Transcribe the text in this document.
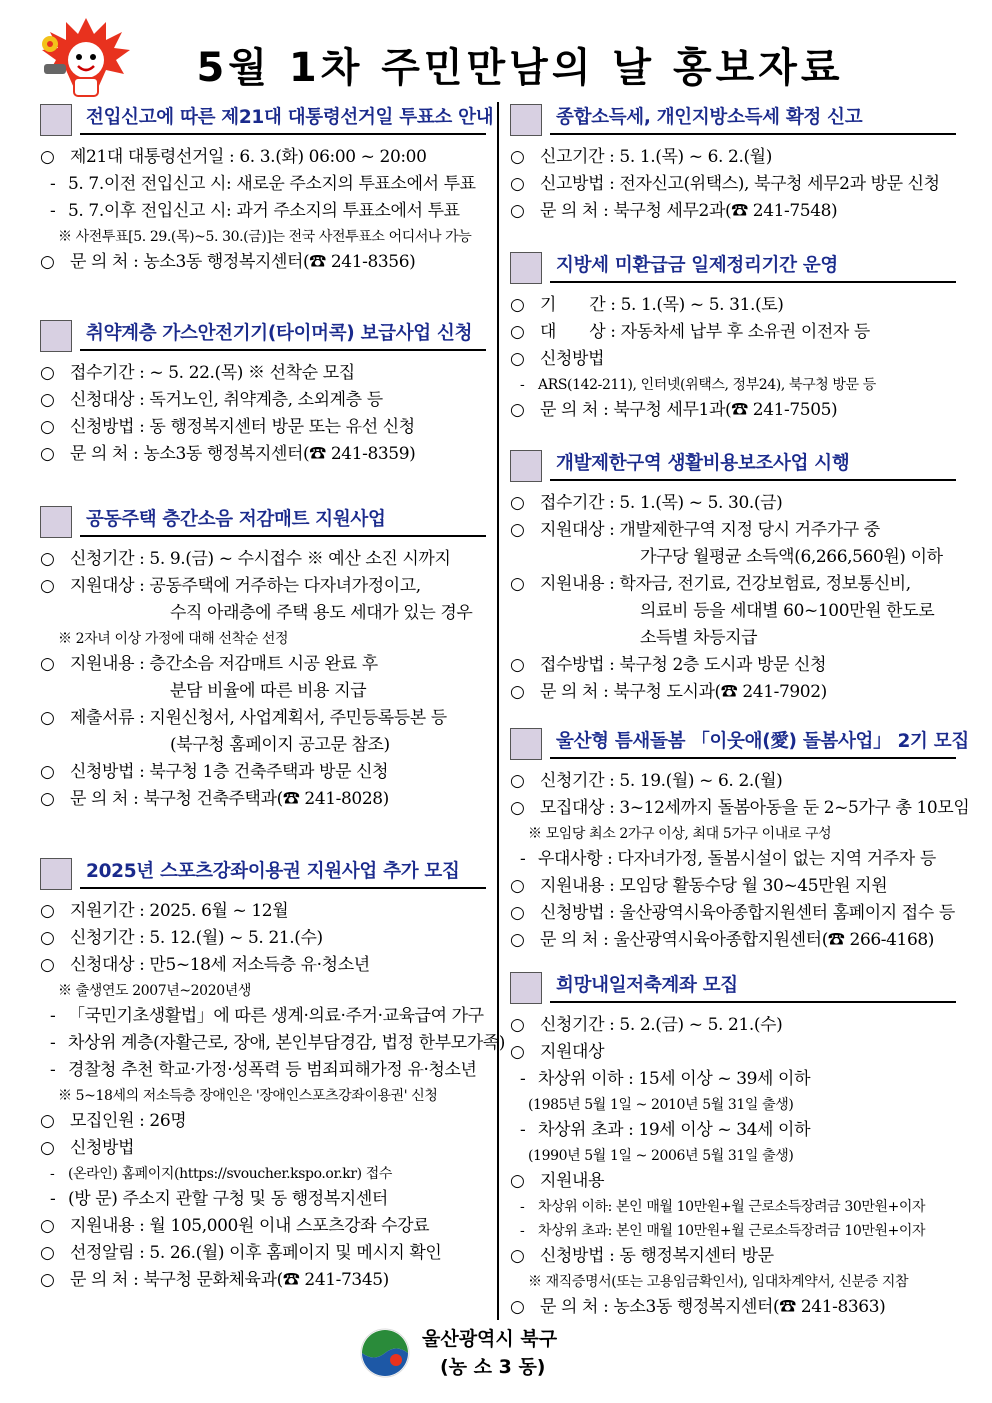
5월 1차 주민만남의 날 홍보자료
전입신고에 따른 제21대 대통령선거일 투표소 안내
○ 제21대 대통령선거일 : 6. 3.(화) 06:00 ~ 20:00
- 5. 7.이전 전입신고 시: 새로운 주소지의 투표소에서 투표
- 5. 7.이후 전입신고 시: 과거 주소지의 투표소에서 투표
※ 사전투표[5. 29.(목)~5. 30.(금)]는 전국 사전투표소 어디서나 가능
○ 문 의 처 : 농소3동 행정복지센터(☎ 241-8356)
취약계층 가스안전기기(타이머콕) 보급사업 신청
○ 접수기간 : ~ 5. 22.(목) ※ 선착순 모집
○ 신청대상 : 독거노인, 취약계층, 소외계층 등
○ 신청방법 : 동 행정복지센터 방문 또는 유선 신청
○ 문 의 처 : 농소3동 행정복지센터(☎ 241-8359)
공동주택 층간소음 저감매트 지원사업
○ 신청기간 : 5. 9.(금) ~ 수시접수 ※ 예산 소진 시까지
○ 지원대상 : 공동주택에 거주하는 다자녀가정이고,
수직 아래층에 주택 용도 세대가 있는 경우
※ 2자녀 이상 가정에 대해 선착순 선정
○ 지원내용 : 층간소음 저감매트 시공 완료 후
분담 비율에 따른 비용 지급
○ 제출서류 : 지원신청서, 사업계획서, 주민등록등본 등
(북구청 홈페이지 공고문 참조)
○ 신청방법 : 북구청 1층 건축주택과 방문 신청
○ 문 의 처 : 북구청 건축주택과(☎ 241-8028)
2025년 스포츠강좌이용권 지원사업 추가 모집
○ 지원기간 : 2025. 6월 ~ 12월
○ 신청기간 : 5. 12.(월) ~ 5. 21.(수)
○ 신청대상 : 만5~18세 저소득층 유·청소년
※ 출생연도 2007년~2020년생
- 「국민기초생활법」에 따른 생계·의료·주거·교육급여 가구
- 차상위 계층(자활근로, 장애, 본인부담경감, 법정 한부모가족)
- 경찰청 추천 학교·가정·성폭력 등 범죄피해가정 유·청소년
※ 5~18세의 저소득층 장애인은 '장애인스포츠강좌이용권' 신청
○ 모집인원 : 26명
○ 신청방법
- (온라인) 홈페이지(https://svoucher.kspo.or.kr) 접수
- (방 문) 주소지 관할 구청 및 동 행정복지센터
○ 지원내용 : 월 105,000원 이내 스포츠강좌 수강료
○ 선정알림 : 5. 26.(월) 이후 홈페이지 및 메시지 확인
○ 문 의 처 : 북구청 문화체육과(☎ 241-7345)
종합소득세, 개인지방소득세 확정 신고
○ 신고기간 : 5. 1.(목) ~ 6. 2.(월)
○ 신고방법 : 전자신고(위택스), 북구청 세무2과 방문 신청
○ 문 의 처 : 북구청 세무2과(☎ 241-7548)
지방세 미환급금 일제정리기간 운영
○ 기　　간 : 5. 1.(목) ~ 5. 31.(토)
○ 대　　상 : 자동차세 납부 후 소유권 이전자 등
○ 신청방법
- ARS(142-211), 인터넷(위택스, 정부24), 북구청 방문 등
○ 문 의 처 : 북구청 세무1과(☎ 241-7505)
개발제한구역 생활비용보조사업 시행
○ 접수기간 : 5. 1.(목) ~ 5. 30.(금)
○ 지원대상 : 개발제한구역 지정 당시 거주가구 중
가구당 월평균 소득액(6,266,560원) 이하
○ 지원내용 : 학자금, 전기료, 건강보험료, 정보통신비,
의료비 등을 세대별 60~100만원 한도로
소득별 차등지급
○ 접수방법 : 북구청 2층 도시과 방문 신청
○ 문 의 처 : 북구청 도시과(☎ 241-7902)
울산형 틈새돌봄 「이웃애(愛) 돌봄사업」 2기 모집
○ 신청기간 : 5. 19.(월) ~ 6. 2.(월)
○ 모집대상 : 3~12세까지 돌봄아동을 둔 2~5가구 총 10모임
※ 모임당 최소 2가구 이상, 최대 5가구 이내로 구성
- 우대사항 : 다자녀가정, 돌봄시설이 없는 지역 거주자 등
○ 지원내용 : 모임당 활동수당 월 30~45만원 지원
○ 신청방법 : 울산광역시육아종합지원센터 홈페이지 접수 등
○ 문 의 처 : 울산광역시육아종합지원센터(☎ 266-4168)
희망내일저축계좌 모집
○ 신청기간 : 5. 2.(금) ~ 5. 21.(수)
○ 지원대상
- 차상위 이하 : 15세 이상 ~ 39세 이하
(1985년 5월 1일 ~ 2010년 5월 31일 출생)
- 차상위 초과 : 19세 이상 ~ 34세 이하
(1990년 5월 1일 ~ 2006년 5월 31일 출생)
○ 지원내용
- 차상위 이하: 본인 매월 10만원+월 근로소득장려금 30만원+이자
- 차상위 초과: 본인 매월 10만원+월 근로소득장려금 10만원+이자
○ 신청방법 : 동 행정복지센터 방문
※ 재직증명서(또는 고용임금확인서), 임대차계약서, 신분증 지참
○ 문 의 처 : 농소3동 행정복지센터(☎ 241-8363)
울산광역시 북구
(농 소 3 동)
